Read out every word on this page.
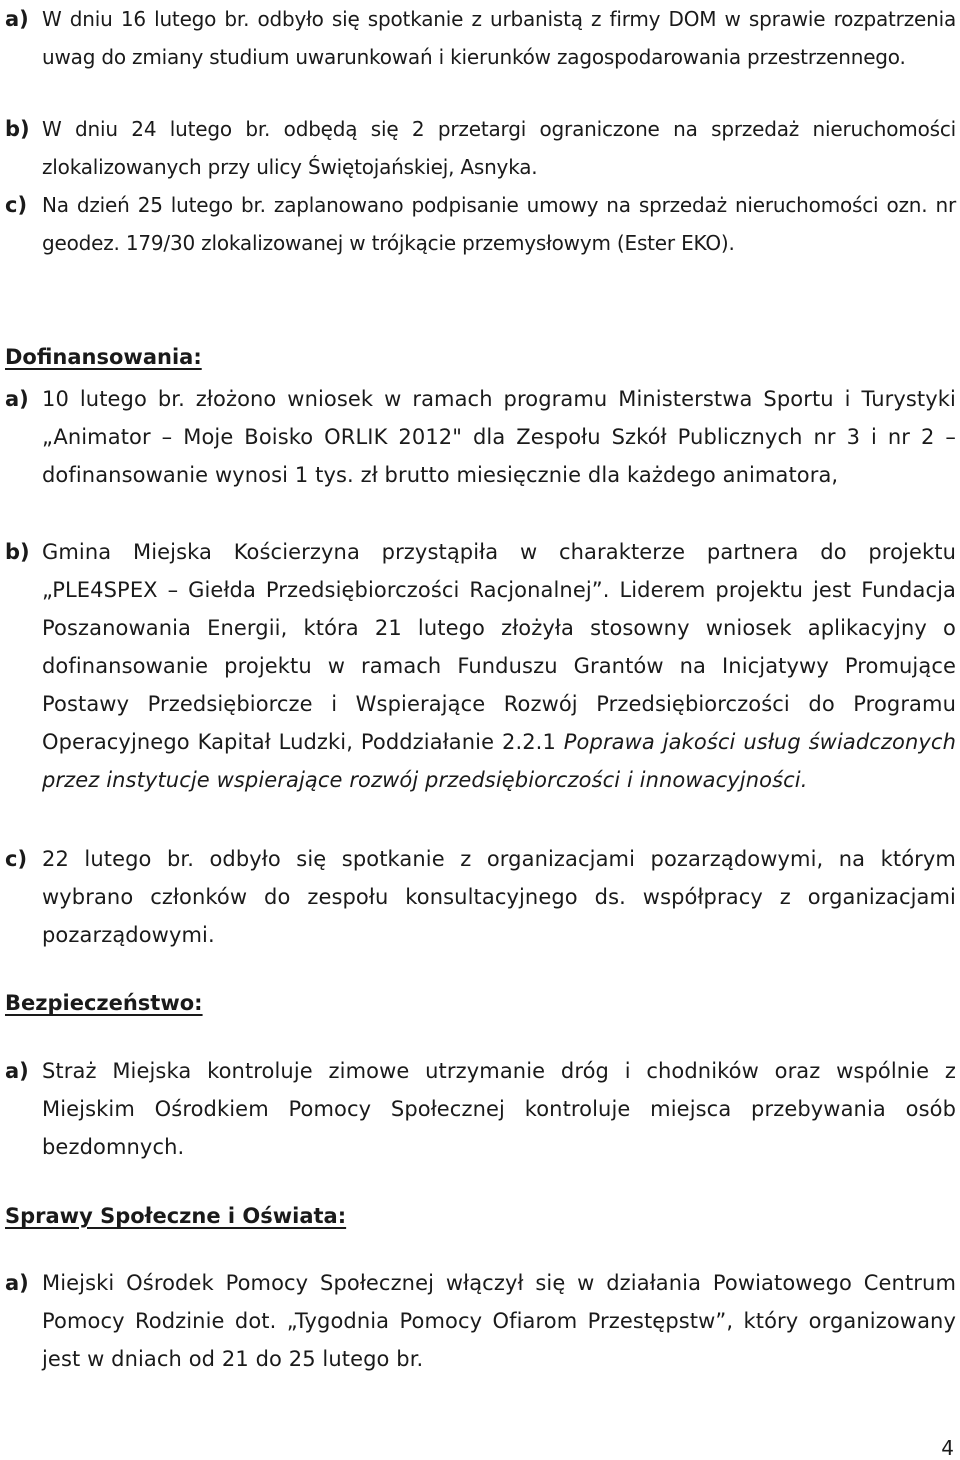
a) W dniu 16 lutego br. odbyło się spotkanie z urbanistą z firmy DOM w sprawie rozpatrzenia uwag do zmiany studium uwarunkowań i kierunków zagospodarowania przestrzennego.
b) W dniu 24 lutego br. odbędą się 2 przetargi ograniczone na sprzedaż nieruchomości zlokalizowanych przy ulicy Świętojańskiej, Asnyka.
c) Na dzień 25 lutego br. zaplanowano podpisanie umowy na sprzedaż nieruchomości ozn. nr geodez. 179/30 zlokalizowanej w trójkącie przemysłowym (Ester EKO).
Dofinansowania:
a) 10 lutego br. złożono wniosek w ramach programu Ministerstwa Sportu i Turystyki „Animator – Moje Boisko ORLIK 2012" dla Zespołu Szkół Publicznych nr 3 i nr 2 – dofinansowanie wynosi 1 tys. zł brutto miesięcznie dla każdego animatora,
b) Gmina Miejska Kościerzyna przystąpiła w charakterze partnera do projektu „PLE4SPEX – Giełda Przedsiębiorczości Racjonalnej”. Liderem projektu jest Fundacja Poszanowania Energii, która 21 lutego złożyła stosowny wniosek aplikacyjny o dofinansowanie projektu w ramach Funduszu Grantów na Inicjatywy Promujące Postawy Przedsiębiorcze i Wspierające Rozwój Przedsiębiorczości do Programu Operacyjnego Kapitał Ludzki, Poddziałanie 2.2.1 Poprawa jakości usług świadczonych przez instytucje wspierające rozwój przedsiębiorczości i innowacyjności.
c) 22 lutego br. odbyło się spotkanie z organizacjami pozarządowymi, na którym wybrano członków do zespołu konsultacyjnego ds. współpracy z organizacjami pozarządowymi.
Bezpieczeństwo:
a) Straż Miejska kontroluje zimowe utrzymanie dróg i chodników oraz wspólnie z Miejskim Ośrodkiem Pomocy Społecznej kontroluje miejsca przebywania osób bezdomnych.
Sprawy Społeczne i Oświata:
a) Miejski Ośrodek Pomocy Społecznej włączył się w działania Powiatowego Centrum Pomocy Rodzinie dot. „Tygodnia Pomocy Ofiarom Przestępstw”, który organizowany jest w dniach od 21 do 25 lutego br.
4
